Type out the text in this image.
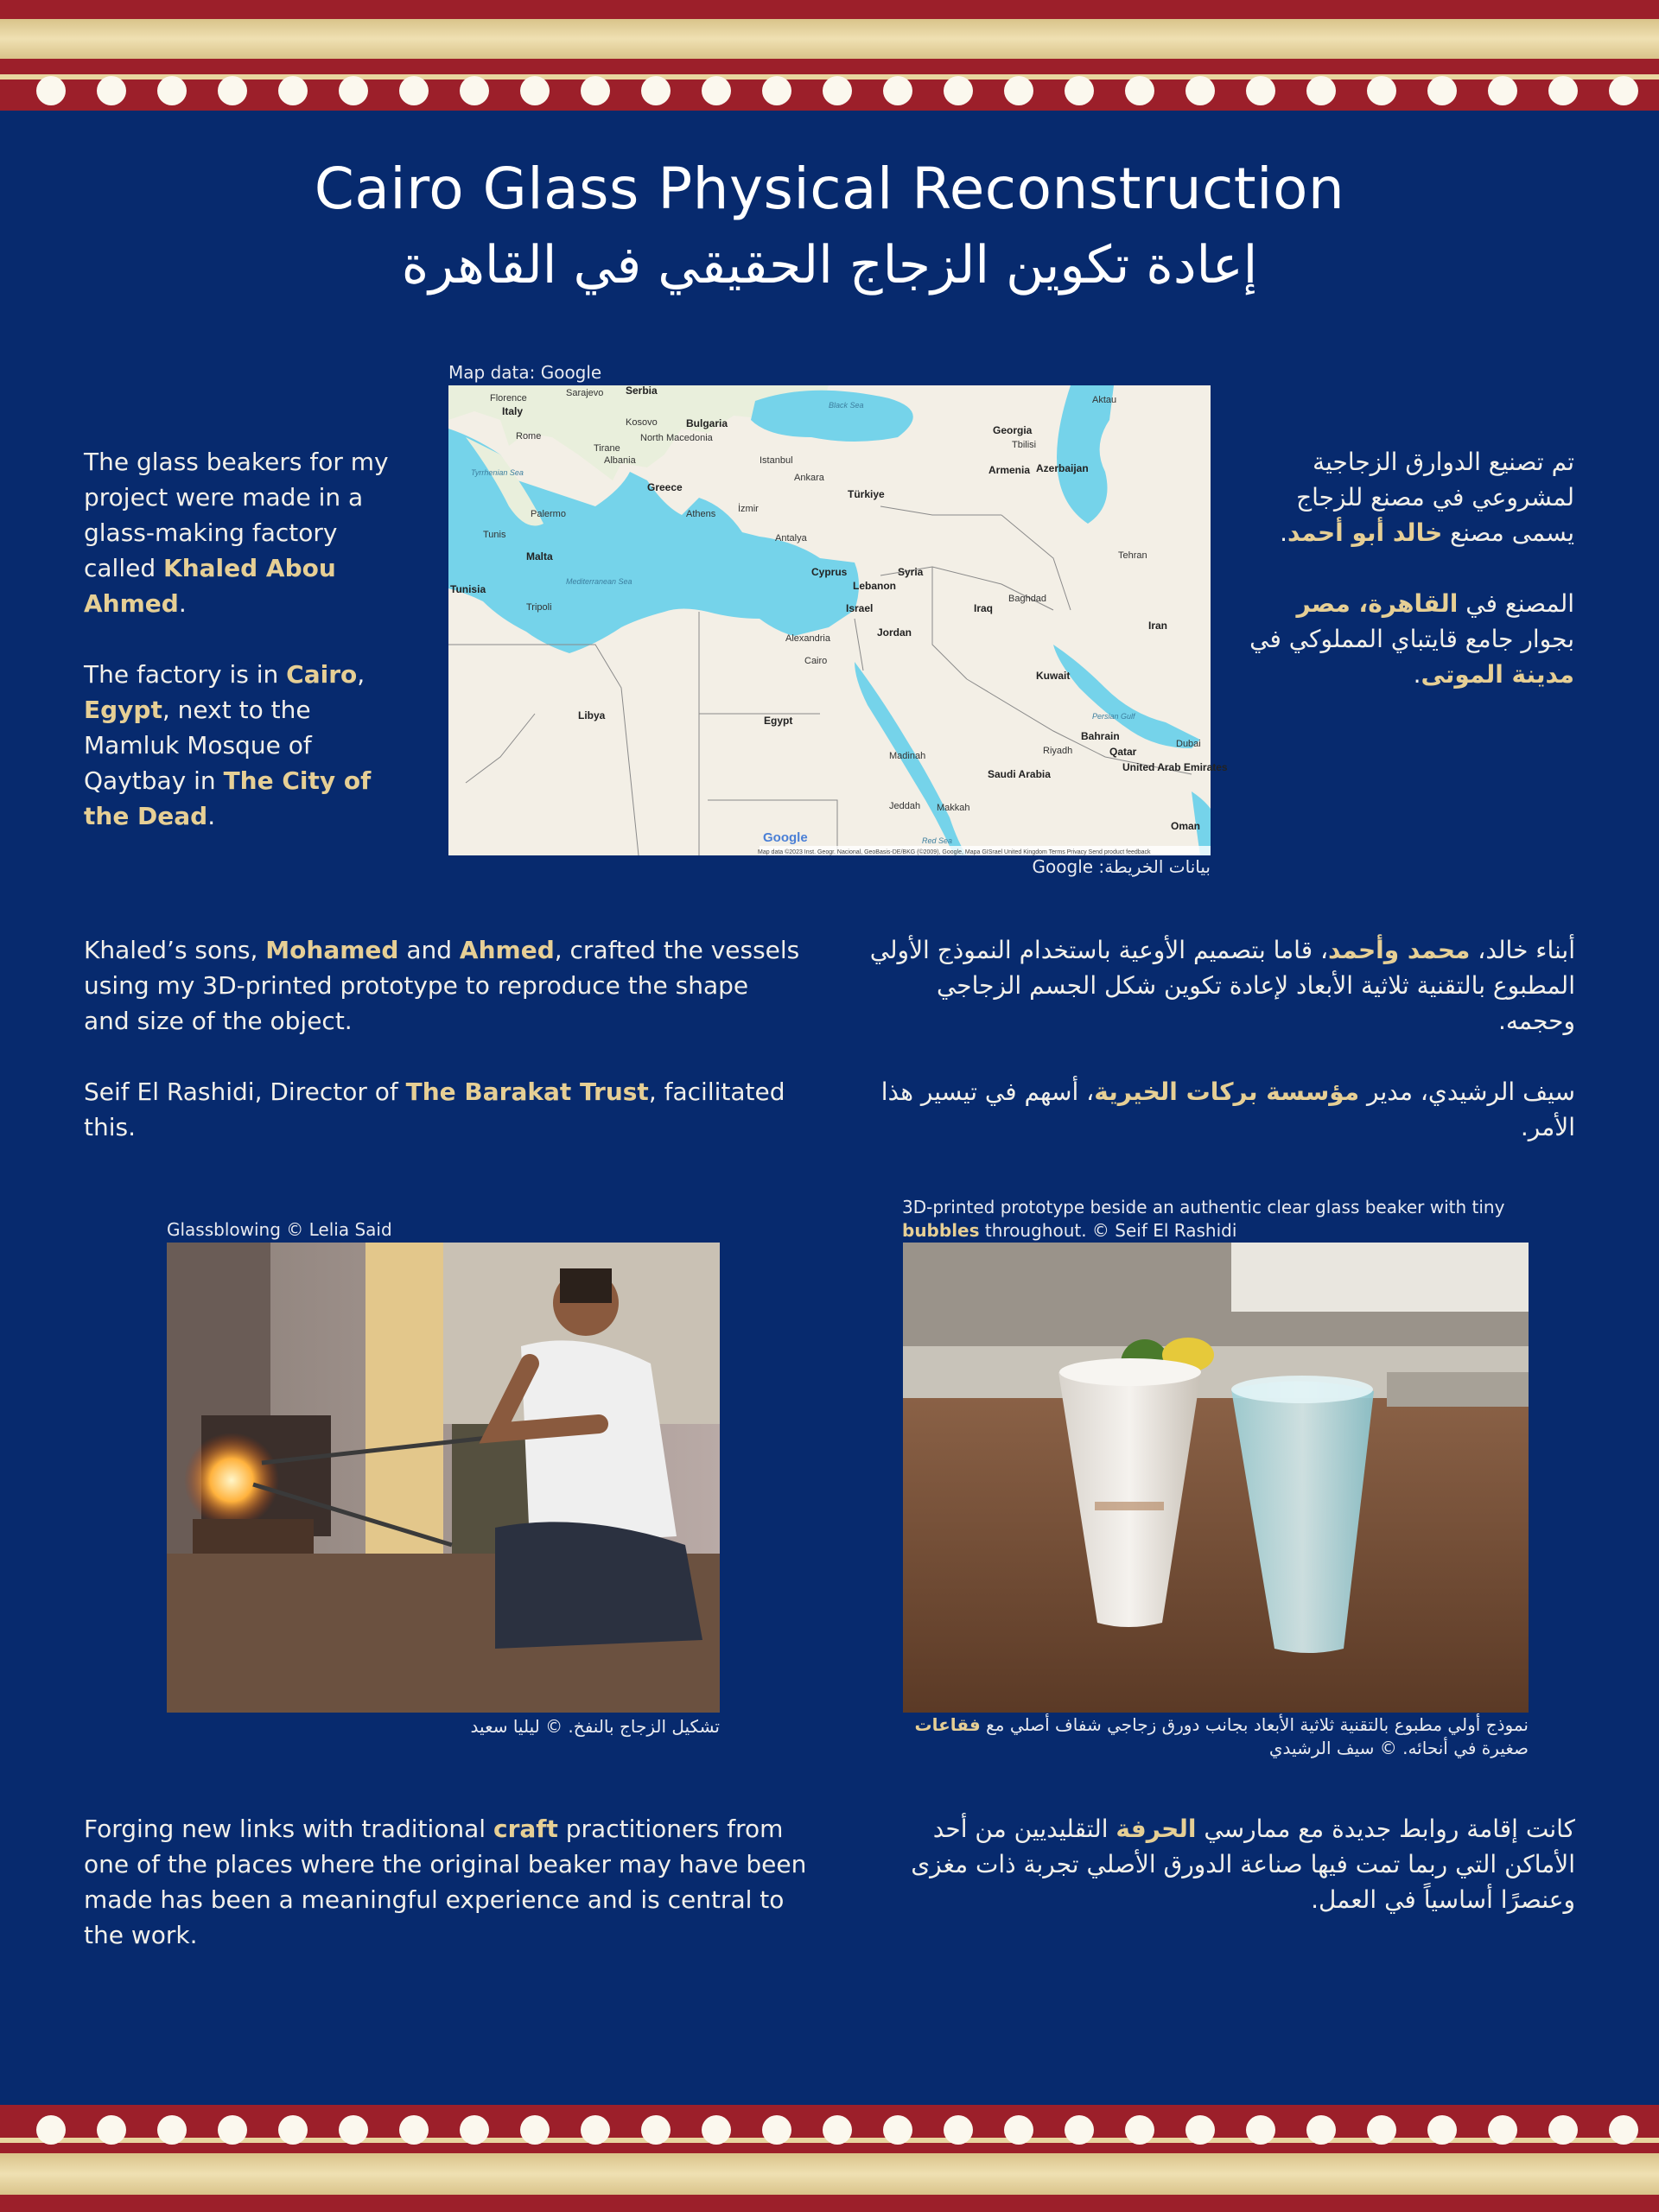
Cairo Glass Physical Reconstruction
إعادة تكوين الزجاج الحقيقي في القاهرة

The glass beakers for my project were made in a glass-making factory called Khaled Abou Ahmed.

The factory is in Cairo, Egypt, next to the Mamluk Mosque of Qaytbay in The City of the Dead.

تم تصنيع الدوارق الزجاجية لمشروعي في مصنع للزجاج يسمى مصنع خالد أبو أحمد.

المصنع في القاهرة، مصر بجوار جامع قايتباي المملوكي في مدينة الموتى.

Map data: Google
Serbia
Florence	Sarajevo
Italy
Kosovo	Bulgaria
Rome	North Macedonia
Tirane
Albania
Georgia
Tbilisi
Armenia Azerbaijan
Aktau
Istanbul
Ankara
Türkiye
Greece
Athens İzmir
Palermo
Tunis	Antalya
Malta
Tunisia
Cyprus	Syria
Lebanon
Tripoli	Iraq
Baghdad
Tehran
Iran
Alexandria
Israel
Jordan
Cairo
Kuwait
Libya	Egypt
Bahrain
Qatar
Riyadh
Dubai
Madinah
Saudi Arabia
United Arab Emirates
Jeddah Makkah
Oman
Black Sea
Mediterranean Sea
Tyrrhenian Sea
Red Sea
Persian Gulf
Google
Map data ©2023 Inst. Geogr. Nacional, GeoBasis-DE/BKG (©2009), Google, Mapa GISrael United Kingdom Terms Privacy Send product feedback
بيانات الخريطة: Google

Khaled’s sons, Mohamed and Ahmed, crafted the vessels using my 3D-printed prototype to reproduce the shape and size of the object.

Seif El Rashidi, Director of The Barakat Trust, facilitated this.

أبناء خالد، محمد وأحمد، قاما بتصميم الأوعية باستخدام النموذج الأولي المطبوع بالتقنية ثلاثية الأبعاد لإعادة تكوين شكل الجسم الزجاجي وحجمه.

سيف الرشيدي، مدير مؤسسة بركات الخيرية، أسهم في تيسير هذا الأمر.

Glassblowing © Lelia Said
تشكيل الزجاج بالنفخ. © ليليا سعيد
3D-printed prototype beside an authentic clear glass beaker with tiny bubbles throughout. © Seif El Rashidi
نموذج أولي مطبوع بالتقنية ثلاثية الأبعاد بجانب دورق زجاجي شفاف أصلي مع فقاعات صغيرة في أنحائه. © سيف الرشيدي

Forging new links with traditional craft practitioners from one of the places where the original beaker may have been made has been a meaningful experience and is central to the work.

كانت إقامة روابط جديدة مع ممارسي الحرفة التقليديين من أحد الأماكن التي ربما تمت فيها صناعة الدورق الأصلي تجربة ذات مغزى وعنصرًا أساسياً في العمل.
